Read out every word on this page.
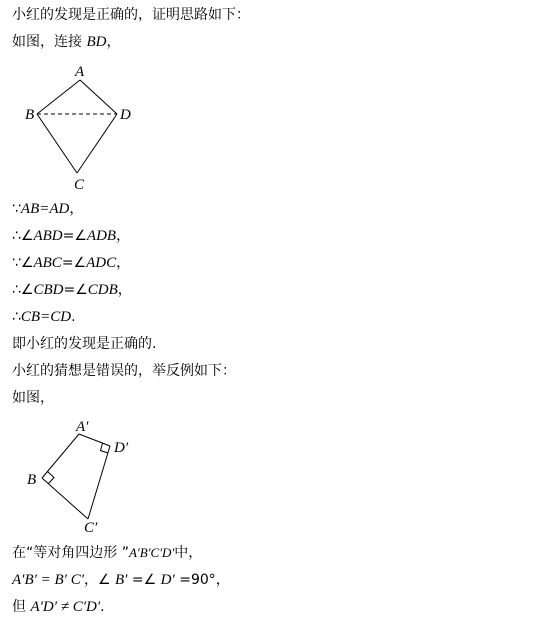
小红的发现是正确的，证明思路如下：
如图，连接 BD，
A
B	D
C
A′
B
D′
C′
∵AB=AD，
∴∠ABD=∠ADB，
∵∠ABC=∠ADC，
∴∠CBD=∠CDB，
∴CB=CD.
即小红的发现是正确的.
小红的猜想是错误的，举反例如下：
如图，
在“等对角四边形 ”A′B′C′D′中，
A′B′ = B′ C′，∠ B′ =∠ D′ =90°，
但 A′D′ ≠ C′D′.
